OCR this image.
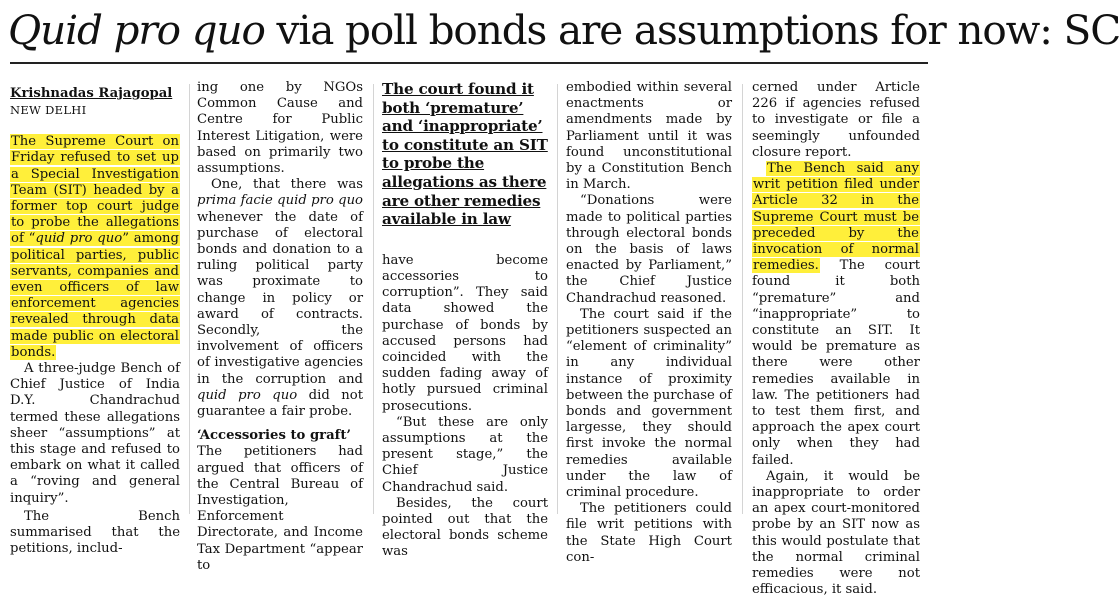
Quid pro quo via poll bonds are assumptions for now: SC

Krishnadas Rajagopal

NEW DELHI

The Supreme Court on Friday refused to set up a Special Investigation Team (SIT) headed by a former top court judge to probe the allegations of “quid pro quo” among political parties, public servants, companies and even officers of law enforcement agencies revealed through data made public on electoral bonds.

A three-judge Bench of Chief Justice of India D.Y. Chandrachud termed these allegations sheer “assumptions” at this stage and refused to embark on what it called a “roving and general inquiry”.

The Bench summarised that the petitions, includ-

ing one by NGOs Common Cause and Centre for Public Interest Litigation, were based on primarily two assumptions.

One, that there was prima facie quid pro quo whenever the date of purchase of electoral bonds and donation to a ruling political party was proximate to change in policy or award of contracts. Secondly, the involvement of officers of investigative agencies in the corruption and quid pro quo did not guarantee a fair probe.

‘Accessories to graft’

The petitioners had argued that officers of the Central Bureau of Investigation, Enforcement Directorate, and Income Tax Department “appear to

The court found it both ‘premature’ and ‘inappropriate’ to constitute an SIT to probe the allegations as there are other remedies available in law

have become accessories to corruption”. They said data showed the purchase of bonds by accused persons had coincided with the sudden fading away of hotly pursued criminal prosecutions.

“But these are only assumptions at the present stage,” the Chief Justice Chandrachud said.

Besides, the court pointed out that the electoral bonds scheme was

embodied within several enactments or amendments made by Parliament until it was found unconstitutional by a Constitution Bench in March.

“Donations were made to political parties through electoral bonds on the basis of laws enacted by Parliament,” the Chief Justice Chandrachud reasoned.

The court said if the petitioners suspected an “element of criminality” in any individual instance of proximity between the purchase of bonds and government largesse, they should first invoke the normal remedies available under the law of criminal procedure.

The petitioners could file writ petitions with the State High Court con-

cerned under Article 226 if agencies refused to investigate or file a seemingly unfounded closure report.

The Bench said any writ petition filed under Article 32 in the Supreme Court must be preceded by the invocation of normal remedies. The court found it both “premature” and “inappropriate” to constitute an SIT. It would be premature as there were other remedies available in law. The petitioners had to test them first, and approach the apex court only when they had failed.

Again, it would be inappropriate to order an apex court-monitored probe by an SIT now as this would postulate that the normal criminal remedies were not efficacious, it said.
